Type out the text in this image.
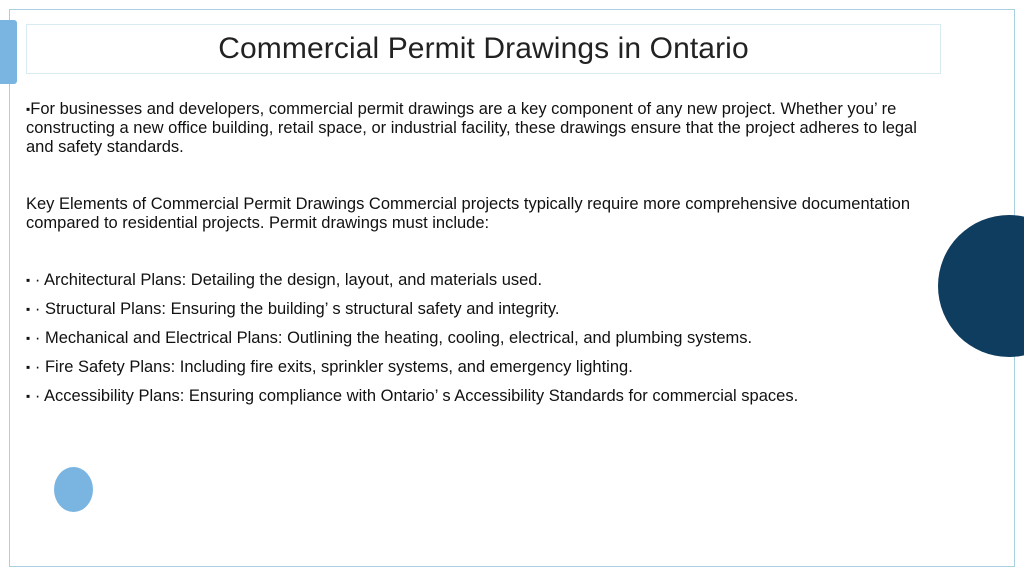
Commercial Permit Drawings in Ontario

▪For businesses and developers, commercial permit drawings are a key component of any new project. Whether you’ re constructing a new office building, retail space, or industrial facility, these drawings ensure that the project adheres to legal and safety standards.

Key Elements of Commercial Permit Drawings Commercial projects typically require more comprehensive documentation compared to residential projects. Permit drawings must include:

▪ · Architectural Plans: Detailing the design, layout, and materials used.
▪ · Structural Plans: Ensuring the building’ s structural safety and integrity.
▪ · Mechanical and Electrical Plans: Outlining the heating, cooling, electrical, and plumbing systems.
▪ · Fire Safety Plans: Including fire exits, sprinkler systems, and emergency lighting.
▪ · Accessibility Plans: Ensuring compliance with Ontario’ s Accessibility Standards for commercial spaces.
